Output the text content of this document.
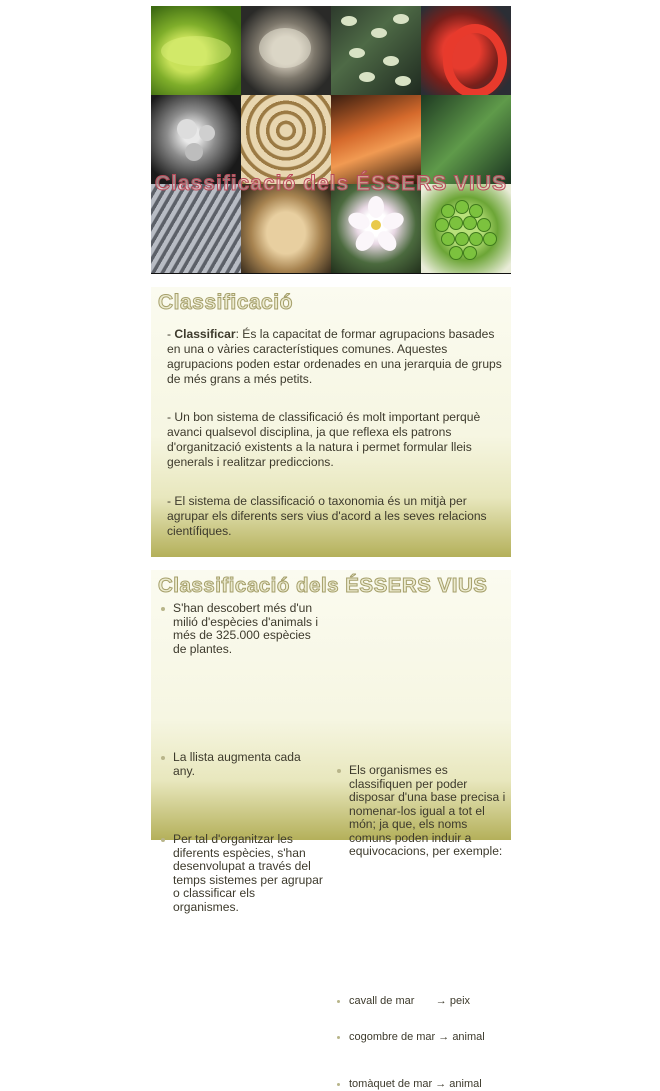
Classificació dels ÉSSERS VIUS
Classificació
- Classificar: És la capacitat de formar agrupacions basades en una o vàries característiques comunes. Aquestes agrupacions poden estar ordenades en una jerarquia de grups de més grans a més petits.
- Un bon sistema de classificació és molt important perquè avanci qualsevol disciplina, ja que reflexa els patrons d'organització existents a la natura i permet formular lleis generals i realitzar prediccions.
- El sistema de classificació o taxonomia és un mitjà per agrupar els diferents sers vius d'acord a les seves relacions científiques.
Classificació dels ÉSSERS VIUS
S'han descobert més d'un milió d'espècies d'animals i més de 325.000 espècies de plantes.
La llista augmenta cada any.
Per tal d'organitzar les diferents espècies, s'han desenvolupat a través del temps sistemes per agrupar o classificar els organismes.
Els organismes es classifiquen per poder disposar d'una base precisa i nomenar-los igual a tot el món; ja que, els noms comuns poden induir a equivocacions, per exemple:
cavall de mar       → peix
cogombre de mar → animal
tomàquet de mar → animal
